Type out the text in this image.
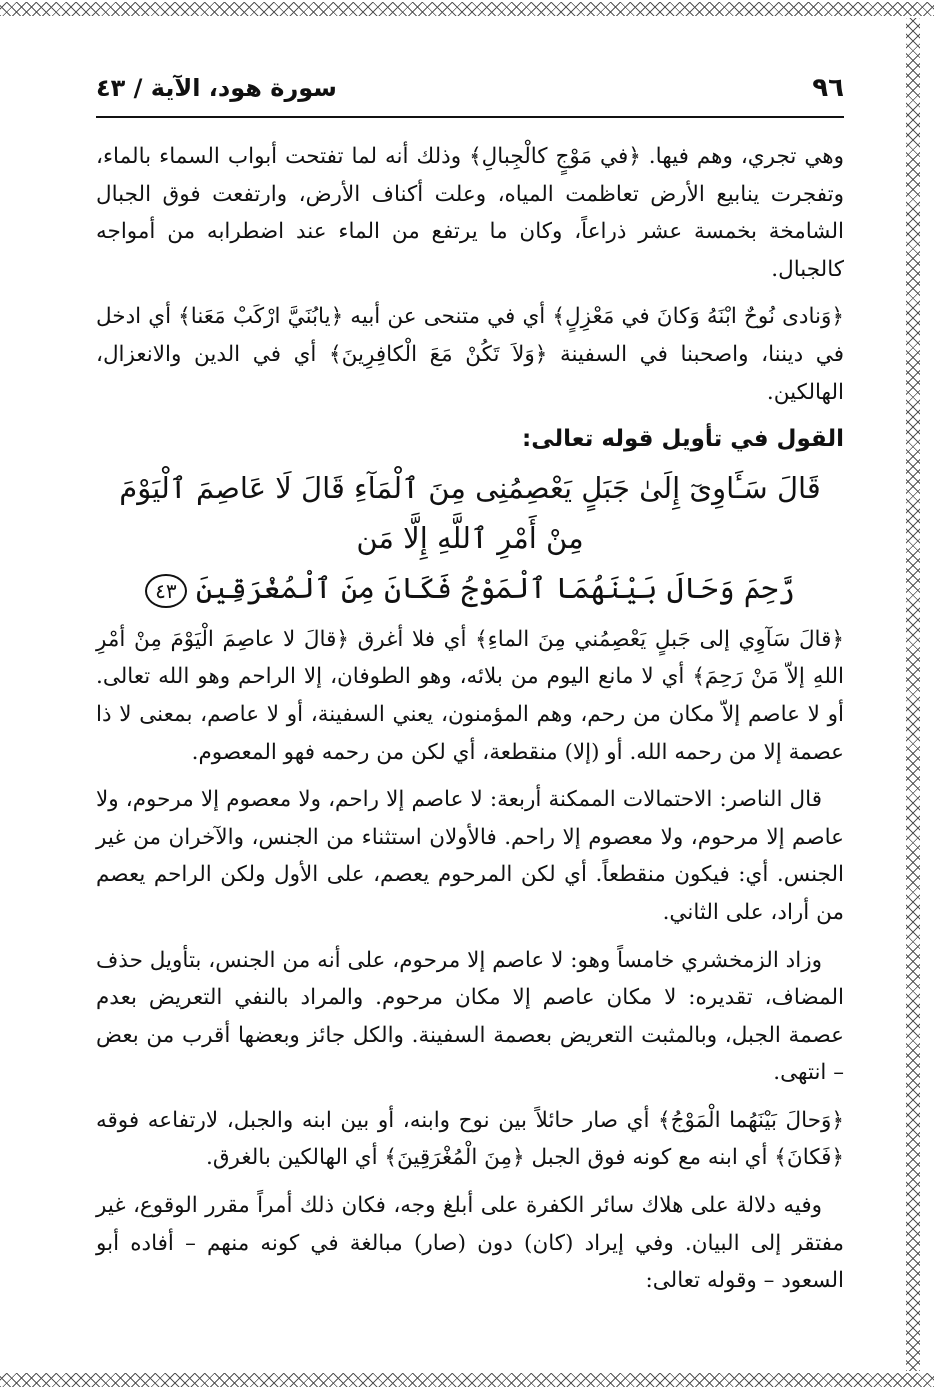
٩٦
سورة هود، الآية / ٤٣

وهي تجري، وهم فيها. ﴿في مَوْجٍ كالْجِبالِ﴾ وذلك أنه لما تفتحت أبواب السماء بالماء، وتفجرت ينابيع الأرض تعاظمت المياه، وعلت أكناف الأرض، وارتفعت فوق الجبال الشامخة بخمسة عشر ذراعاً، وكان ما يرتفع من الماء عند اضطرابه من أمواجه كالجبال.

﴿وَنادى نُوحٌ ابْنَهُ وَكانَ في مَعْزِلٍ﴾ أي في متنحى عن أبيه ﴿يابُنَيَّ ارْكَبْ مَعَنا﴾ أي ادخل في ديننا، واصحبنا في السفينة ﴿وَلاَ تَكُنْ مَعَ الْكافِرِينَ﴾ أي في الدين والانعزال، الهالكين.

القول في تأويل قوله تعالى:

قَالَ سَـَٔاوِىٓ إِلَىٰ جَبَلٍ يَعْصِمُنِى مِنَ ٱلْمَآءِ قَالَ لَا عَاصِمَ ٱلْيَوْمَ مِنْ أَمْرِ ٱللَّهِ إِلَّا مَن
رَّحِمَ وَحَالَ بَيْنَهُمَا ٱلْمَوْجُ فَكَانَ مِنَ ٱلْمُغْرَقِينَ ٤٣

﴿قالَ سَآوِي إلى جَبلٍ يَعْصِمُني مِنَ الماءِ﴾ أي فلا أغرق ﴿قالَ لا عاصِمَ الْيَوْمَ مِنْ أمْرِ اللهِ إلاّ مَنْ رَحِمَ﴾ أي لا مانع اليوم من بلائه، وهو الطوفان، إلا الراحم وهو الله تعالى. أو لا عاصم إلاّ مكان من رحم، وهم المؤمنون، يعني السفينة، أو لا عاصم، بمعنى لا ذا عصمة إلا من رحمه الله. أو (إلا) منقطعة، أي لكن من رحمه فهو المعصوم.

قال الناصر: الاحتمالات الممكنة أربعة: لا عاصم إلا راحم، ولا معصوم إلا مرحوم، ولا عاصم إلا مرحوم، ولا معصوم إلا راحم. فالأولان استثناء من الجنس، والآخران من غير الجنس. أي: فيكون منقطعاً. أي لكن المرحوم يعصم، على الأول ولكن الراحم يعصم من أراد، على الثاني.

وزاد الزمخشري خامساً وهو: لا عاصم إلا مرحوم، على أنه من الجنس، بتأويل حذف المضاف، تقديره: لا مكان عاصم إلا مكان مرحوم. والمراد بالنفي التعريض بعدم عصمة الجبل، وبالمثبت التعريض بعصمة السفينة. والكل جائز وبعضها أقرب من بعض – انتهى.

﴿وَحالَ بَيْنَهُما الْمَوْجُ﴾ أي صار حائلاً بين نوح وابنه، أو بين ابنه والجبل، لارتفاعه فوقه ﴿فَكانَ﴾ أي ابنه مع كونه فوق الجبل ﴿مِنَ الْمُغْرَقِينَ﴾ أي الهالكين بالغرق.

وفيه دلالة على هلاك سائر الكفرة على أبلغ وجه، فكان ذلك أمراً مقرر الوقوع، غير مفتقر إلى البيان. وفي إيراد (كان) دون (صار) مبالغة في كونه منهم – أفاده أبو السعود – وقوله تعالى:
